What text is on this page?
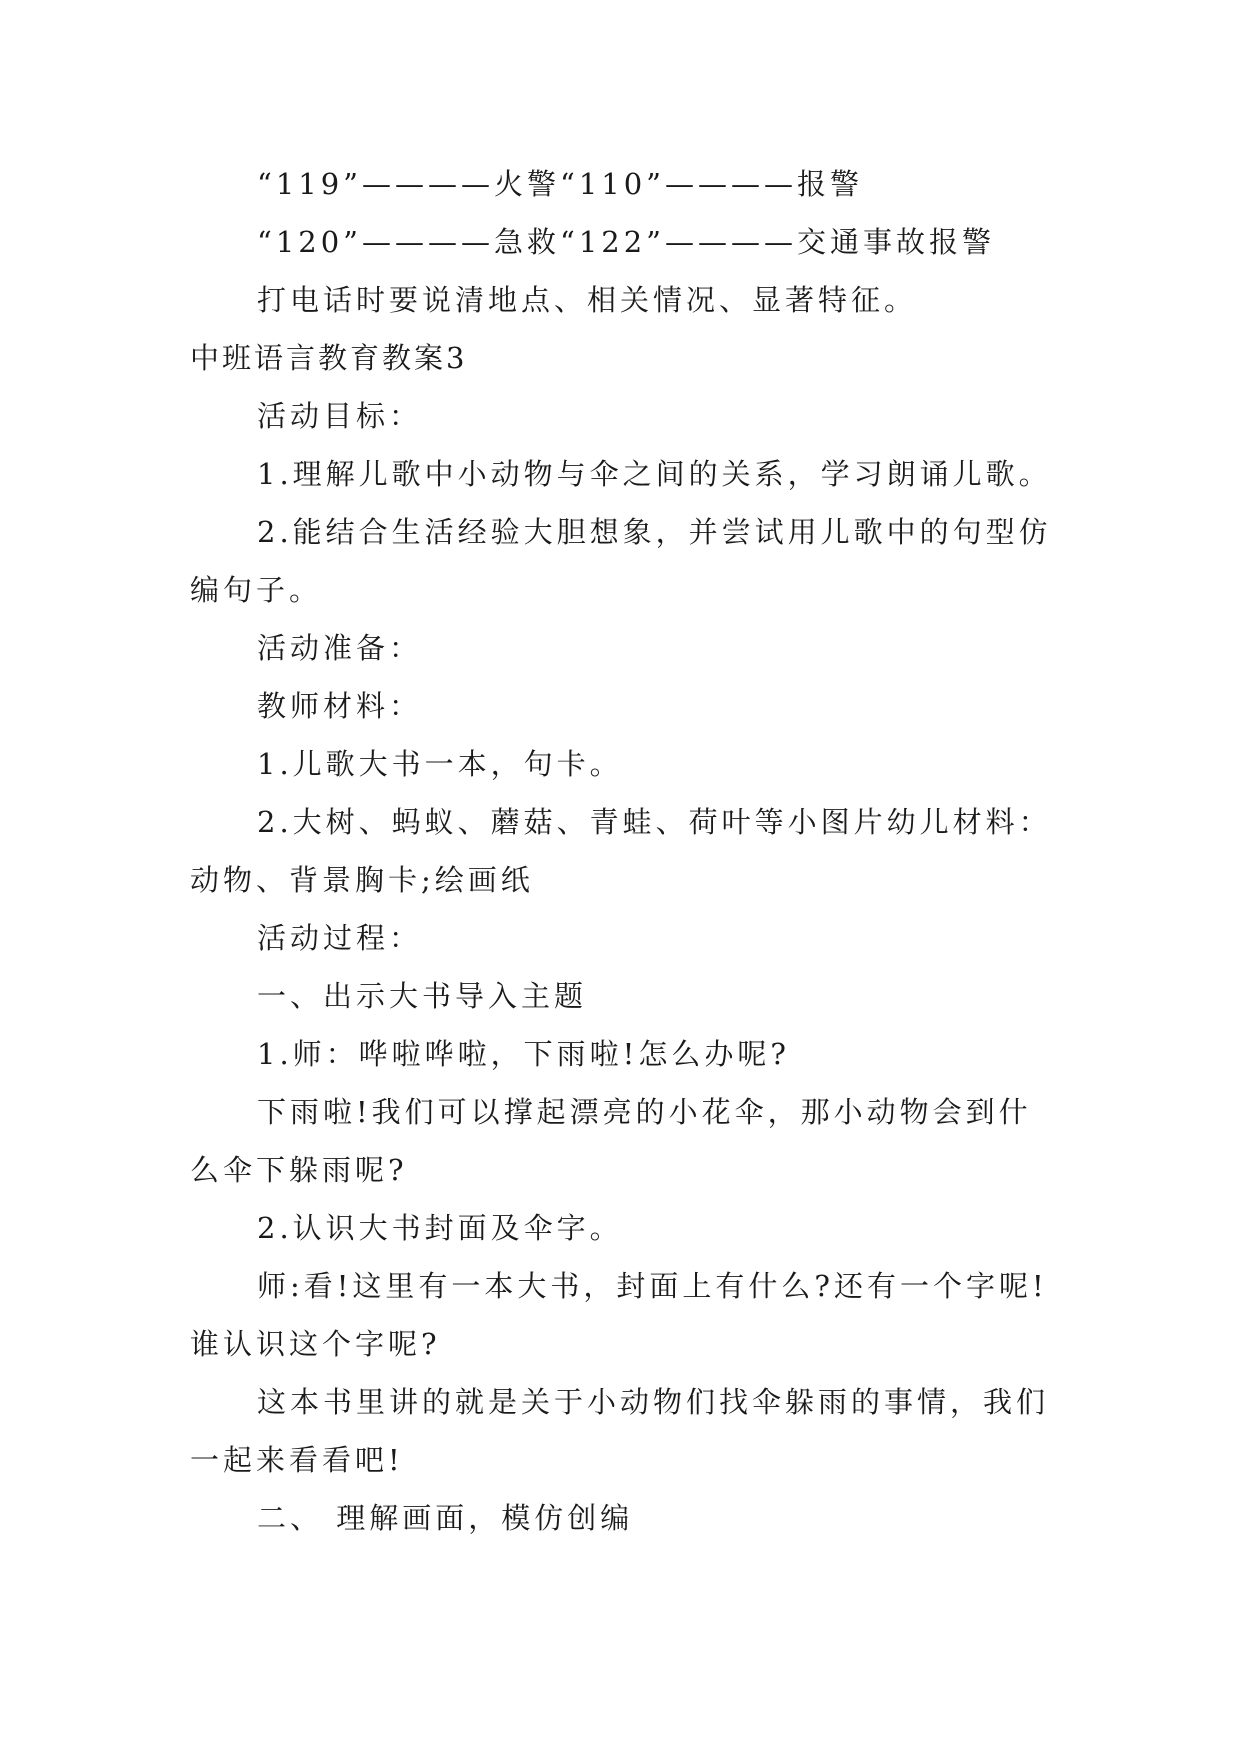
“119”————火警“110”————报警
“120”————急救“122”————交通事故报警
打电话时要说清地点、相关情况、显著特征。
中班语言教育教案3
活动目标：
1.理解儿歌中小动物与伞之间的关系，学习朗诵儿歌。
2.能结合生活经验大胆想象，并尝试用儿歌中的句型仿
编句子。
活动准备：
教师材料：
1.儿歌大书一本，句卡。
2.大树、蚂蚁、蘑菇、青蛙、荷叶等小图片幼儿材料：
动物、背景胸卡;绘画纸
活动过程：
一、出示大书导入主题
1.师：哗啦哗啦，下雨啦!怎么办呢?
下雨啦!我们可以撑起漂亮的小花伞，那小动物会到什
么伞下躲雨呢?
2.认识大书封面及伞字。
师:看!这里有一本大书，封面上有什么?还有一个字呢!
谁认识这个字呢?
这本书里讲的就是关于小动物们找伞躲雨的事情，我们
一起来看看吧!
二、 理解画面，模仿创编
